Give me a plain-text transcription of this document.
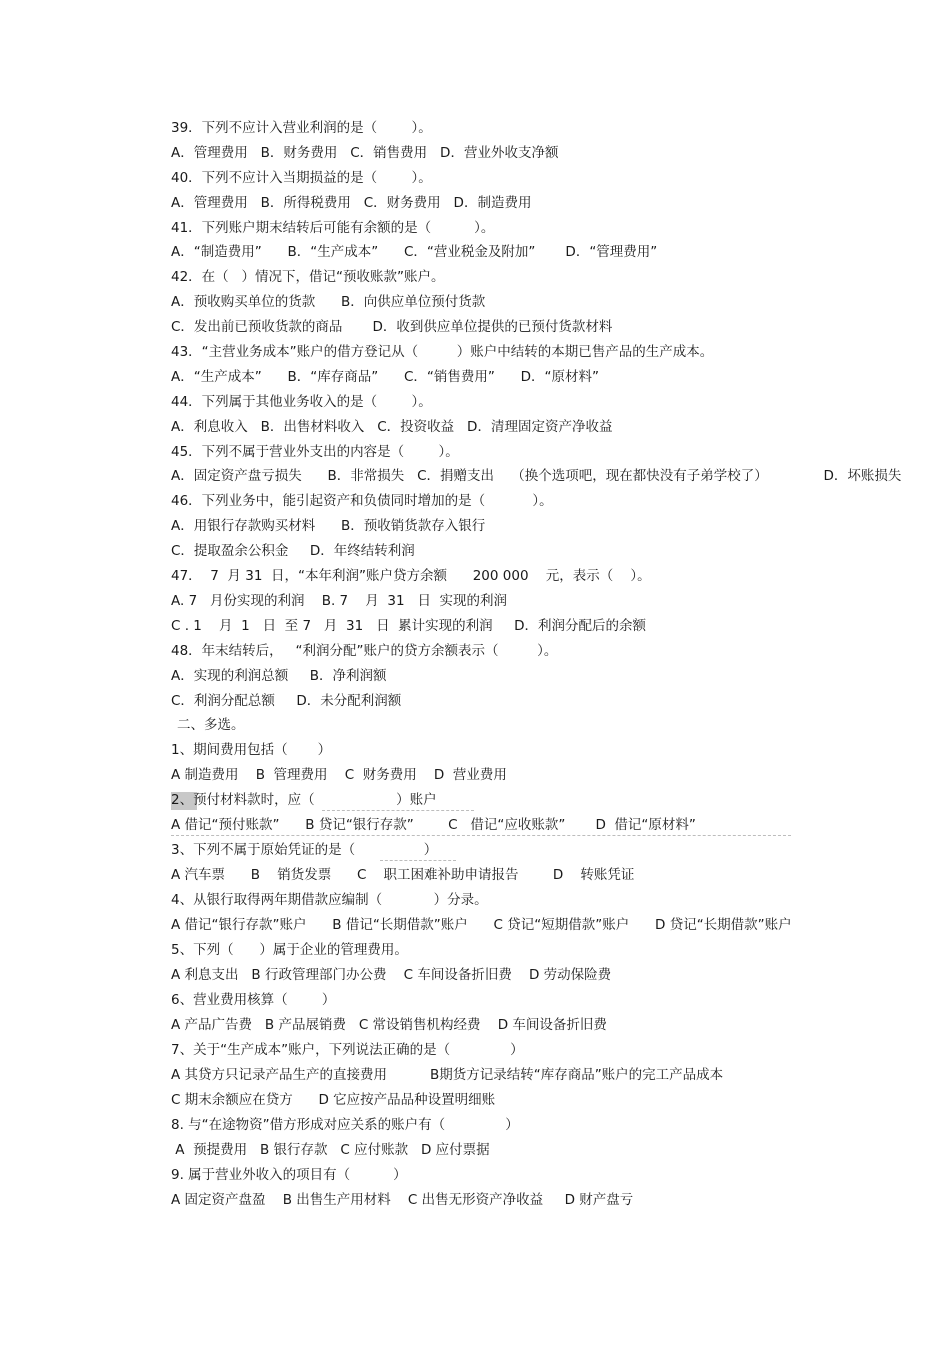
39．下列不应计入营业利润的是（        ）。
A．管理费用   B．财务费用   C．销售费用   D．营业外收支净额
40．下列不应计入当期损益的是（        ）。
A．管理费用   B．所得税费用   C．财务费用   D．制造费用
41．下列账户期末结转后可能有余额的是（          ）。
A．“制造费用”      B．“生产成本”      C．“营业税金及附加”       D．“管理费用”
42．在（   ）情况下，借记“预收账款”账户。
A．预收购买单位的货款      B．向供应单位预付货款
C．发出前已预收货款的商品       D．收到供应单位提供的已预付货款材料
43．“主营业务成本”账户的借方登记从（         ）账户中结转的本期已售产品的生产成本。
A．“生产成本”      B．“库存商品”      C．“销售费用”      D．“原材料”
44．下列属于其他业务收入的是（        ）。
A．利息收入   B．出售材料收入   C．投资收益   D．清理固定资产净收益
45．下列不属于营业外支出的内容是（        ）。
A．固定资产盘亏损失      B．非常损失   C．捐赠支出    （换个选项吧，现在都快没有子弟学校了）             D．坏账损失
46．下列业务中，能引起资产和负债同时增加的是（           ）。
A．用银行存款购买材料      B．预收销货款存入银行
C．提取盈余公积金     D．年终结转利润
47．  7  月 31  日，“本年利润”账户贷方余额      200 000    元，表示（    ）。
A. 7   月份实现的利润    B. 7    月  31   日  实现的利润
C . 1    月  1   日  至 7   月  31   日  累计实现的利润     D．利润分配后的余额
48．年末结转后，   “利润分配”账户的贷方余额表示（         ）。
A．实现的利润总额     B．净利润额
C．利润分配总额     D．未分配利润额
二、多选。
1、期间费用包括（       ）
A 制造费用    B  管理费用    C  财务费用    D  营业费用
2、预付材料款时，应（                   ）账户
A 借记“预付账款”      B 贷记“银行存款”        C   借记“应收账款”       D  借记“原材料”
3、下列不属于原始凭证的是（                ）
A 汽车票      B    销货发票      C    职工困难补助申请报告        D    转账凭证
4、从银行取得两年期借款应编制（            ）分录。
A 借记“银行存款”账户      B 借记“长期借款”账户      C 贷记“短期借款”账户      D 贷记“长期借款”账户
5、下列（      ）属于企业的管理费用。
A 利息支出   B 行政管理部门办公费    C 车间设备折旧费    D 劳动保险费
6、营业费用核算（        ）
A 产品广告费   B 产品展销费   C 常设销售机构经费    D 车间设备折旧费
7、关于“生产成本”账户，下列说法正确的是（              ）
A 其贷方只记录产品生产的直接费用          B期货方记录结转“库存商品”账户的完工产品成本
C 期末余额应在贷方      D 它应按产品品种设置明细账
8. 与“在途物资”借方形成对应关系的账户有（              ）
A  预提费用   B 银行存款   C 应付账款   D 应付票据
9. 属于营业外收入的项目有（          ）
A 固定资产盘盈    B 出售生产用材料    C 出售无形资产净收益     D 财产盘亏
